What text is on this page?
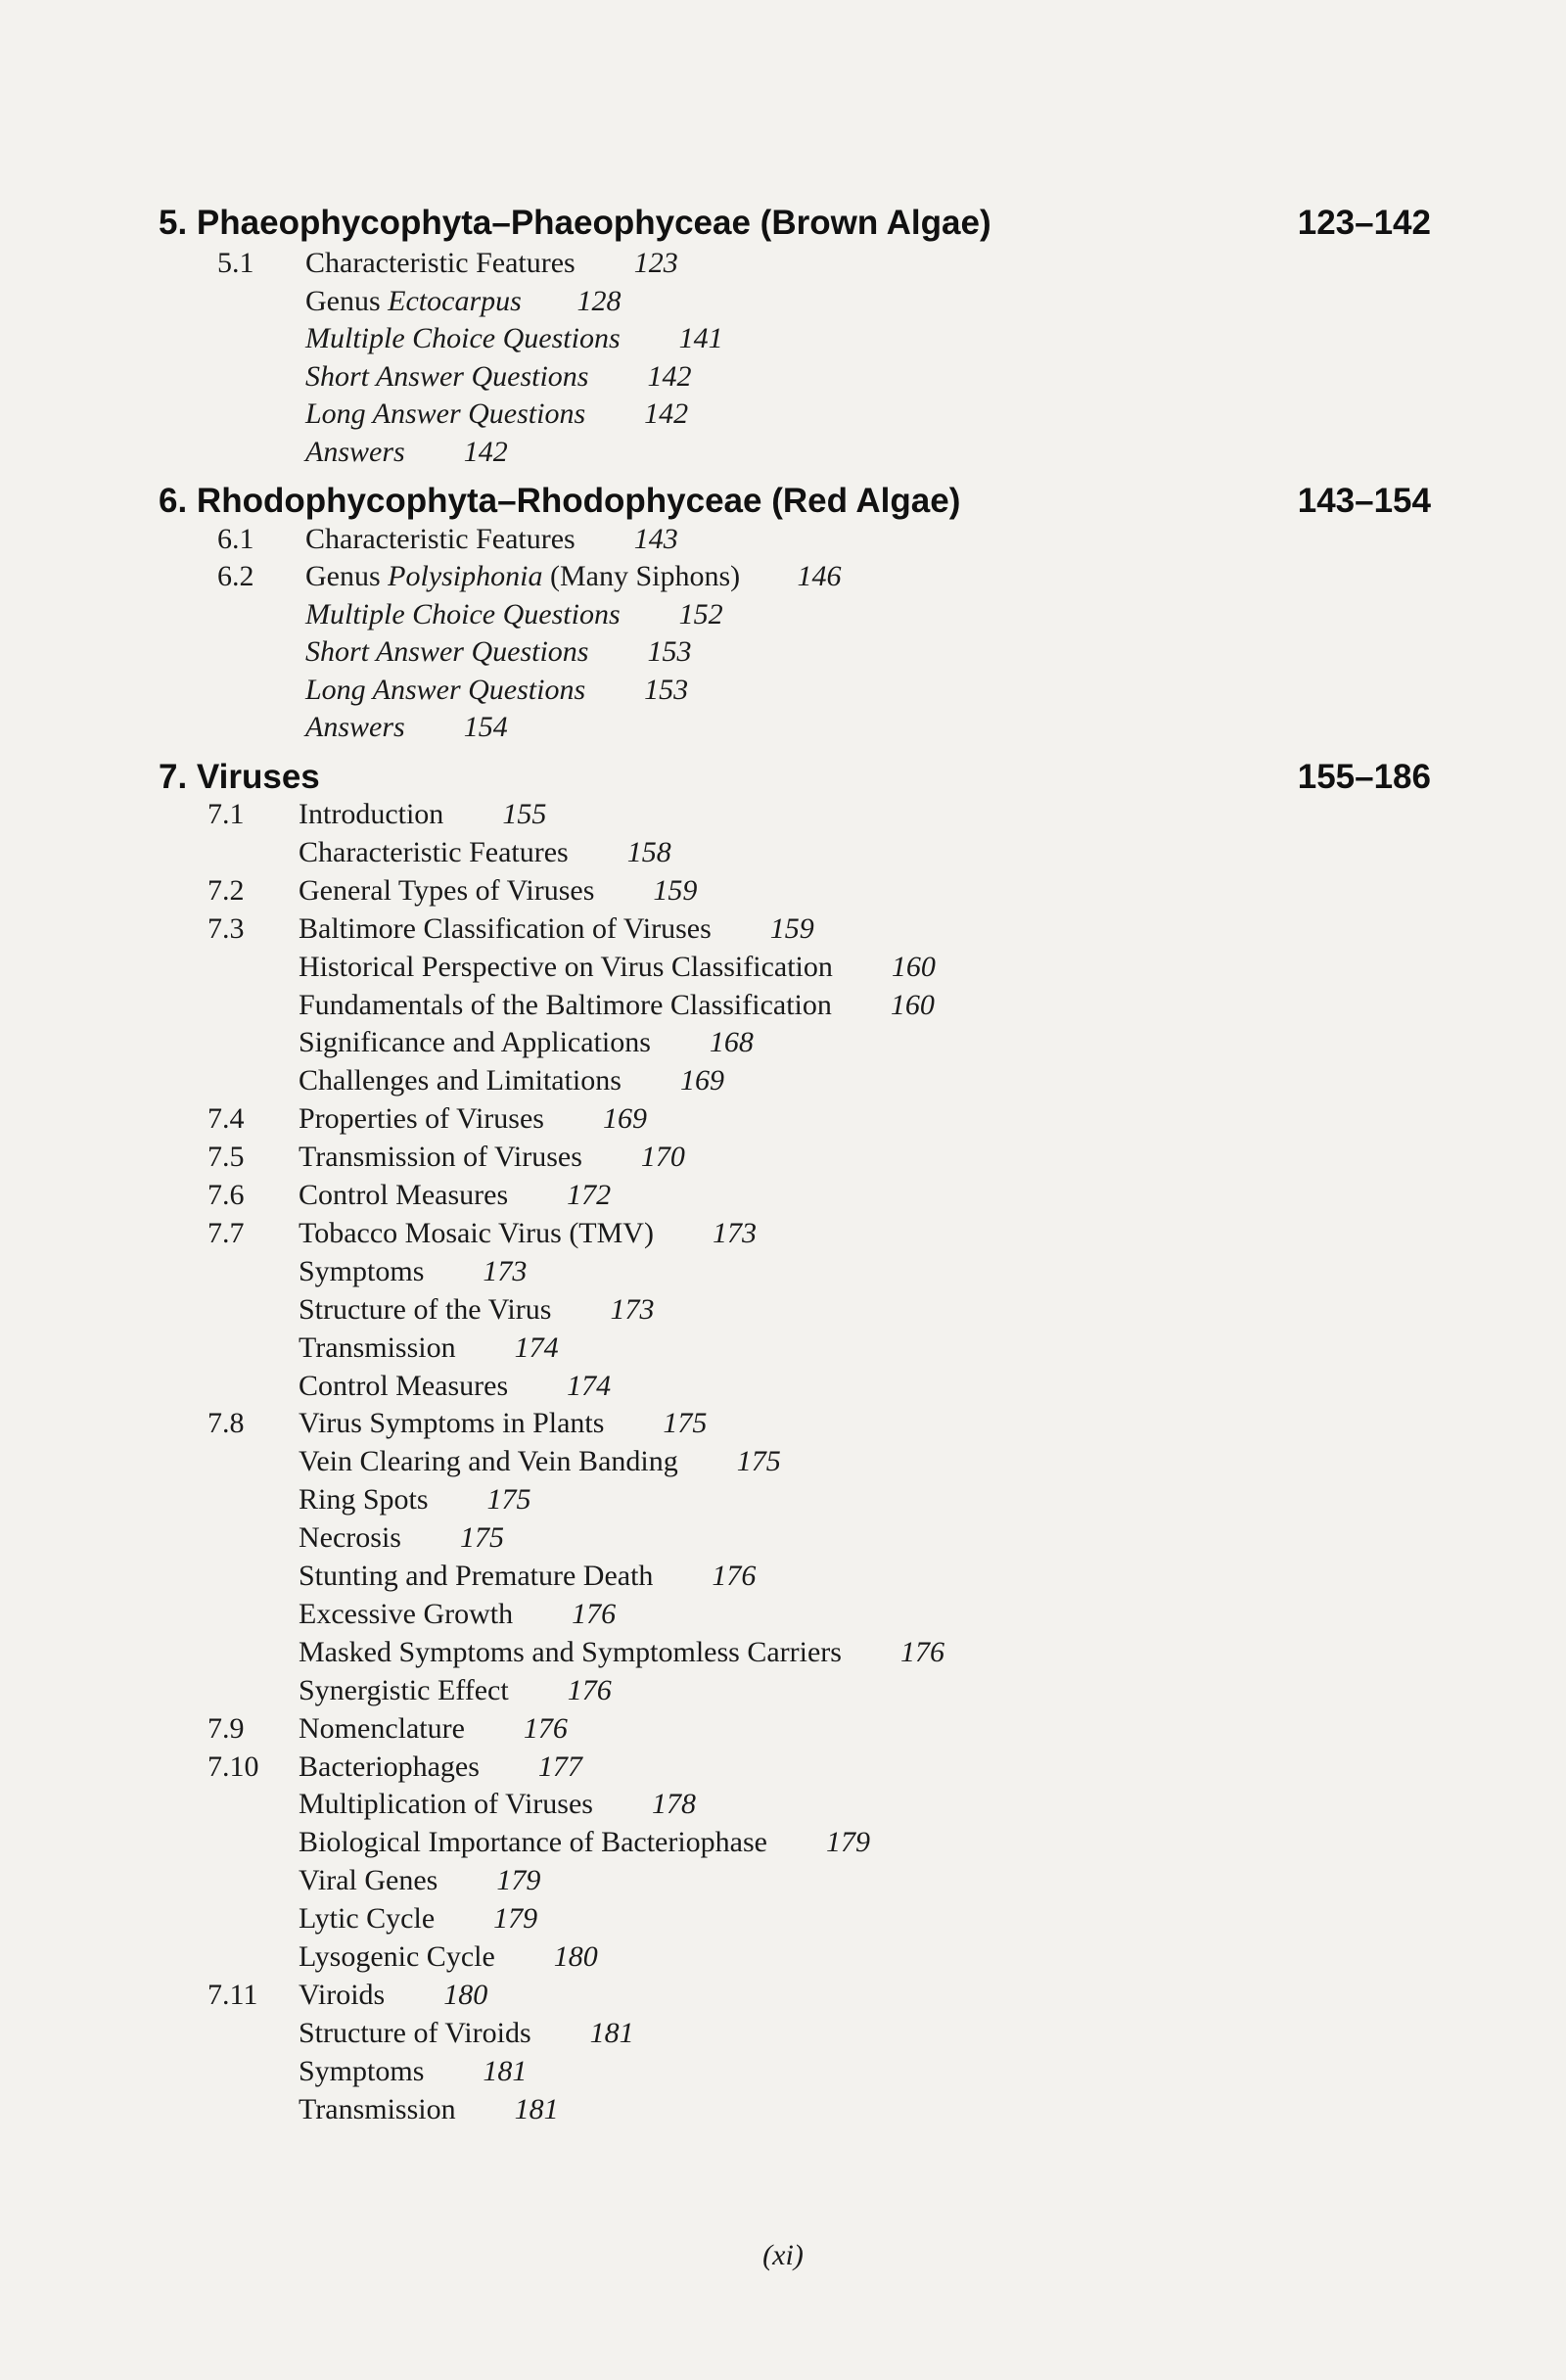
5. Phaeophycophyta–Phaeophyceae (Brown Algae)	123–142
5.1	Characteristic Features 123
Genus Ectocarpus 128
Multiple Choice Questions 141
Short Answer Questions 142
Long Answer Questions 142
Answers 142
6. Rhodophycophyta–Rhodophyceae (Red Algae)	143–154
6.1	Characteristic Features 143
6.2	Genus Polysiphonia (Many Siphons) 146
Multiple Choice Questions 152
Short Answer Questions 153
Long Answer Questions 153
Answers 154
7. Viruses	155–186
7.1	Introduction 155
Characteristic Features 158
7.2	General Types of Viruses 159
7.3	Baltimore Classification of Viruses 159
Historical Perspective on Virus Classification 160
Fundamentals of the Baltimore Classification 160
Significance and Applications 168
Challenges and Limitations 169
7.4	Properties of Viruses 169
7.5	Transmission of Viruses 170
7.6	Control Measures 172
7.7	Tobacco Mosaic Virus (TMV) 173
Symptoms 173
Structure of the Virus 173
Transmission 174
Control Measures 174
7.8	Virus Symptoms in Plants 175
Vein Clearing and Vein Banding 175
Ring Spots 175
Necrosis 175
Stunting and Premature Death 176
Excessive Growth 176
Masked Symptoms and Symptomless Carriers 176
Synergistic Effect 176
7.9	Nomenclature 176
7.10	Bacteriophages 177
Multiplication of Viruses 178
Biological Importance of Bacteriophase 179
Viral Genes 179
Lytic Cycle 179
Lysogenic Cycle 180
7.11	Viroids 180
Structure of Viroids 181
Symptoms 181
Transmission 181
(xi)
